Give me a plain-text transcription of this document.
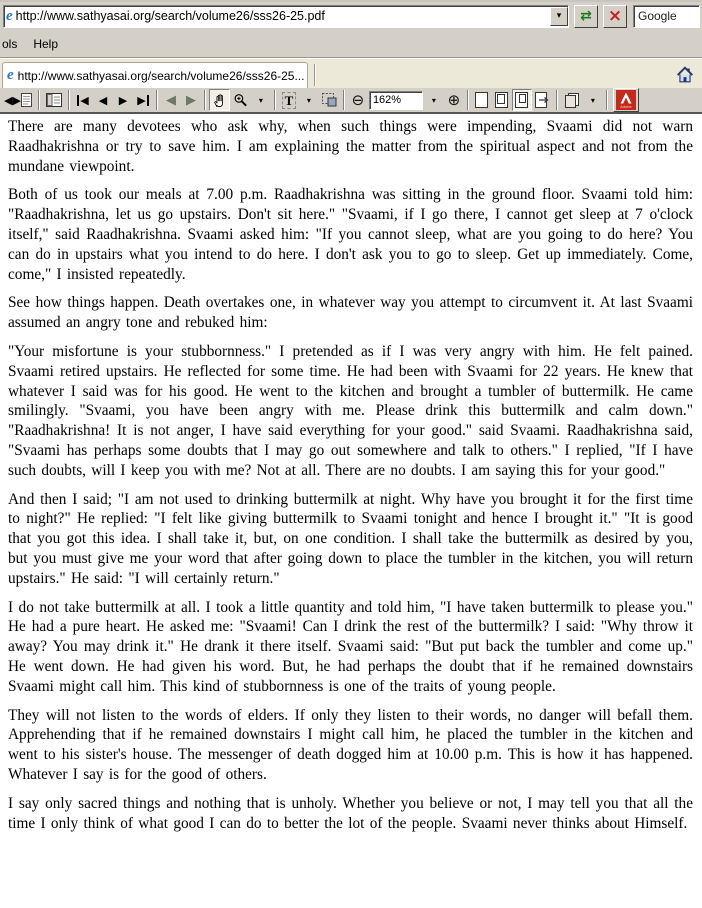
e http://www.sathyasai.org/search/volume26/sss26-25.pdf	▾ ⇄ × Google
ols	Help
e http://www.sathyasai.org/search/volume26/sss26-25...
◀ ▶	◀ ◀ ▶ ▶ ◀ ▶	▾ T ▾	⊖ 162%	▾ ⊕	▾
Adobe

There are many devotees who ask why, when such things were impending, Svaami did not warn Raadhakrishna or try to save him. I am explaining the matter from the spiritual aspect and not from the mundane viewpoint.

Both of us took our meals at 7.00 p.m. Raadhakrishna was sitting in the ground floor. Svaami told him: "Raadhakrishna, let us go upstairs. Don't sit here." "Svaami, if I go there, I cannot get sleep at 7 o'clock itself," said Raadhakrishna. Svaami asked him: "If you cannot sleep, what are you going to do here? You can do in upstairs what you intend to do here. I don't ask you to go to sleep. Get up immediately. Come, come," I insisted repeatedly.

See how things happen. Death overtakes one, in whatever way you attempt to circumvent it. At last Svaami assumed an angry tone and rebuked him:

"Your misfortune is your stubbornness." I pretended as if I was very angry with him. He felt pained. Svaami retired upstairs. He reflected for some time. He had been with Svaami for 22 years. He knew that whatever I said was for his good. He went to the kitchen and brought a tumbler of buttermilk. He came smilingly. "Svaami, you have been angry with me. Please drink this buttermilk and calm down." "Raadhakrishna! It is not anger, I have said everything for your good." said Svaami. Raadhakrishna said, "Svaami has perhaps some doubts that I may go out somewhere and talk to others." I replied, "If I have such doubts, will I keep you with me? Not at all. There are no doubts. I am saying this for your good."

And then I said; "I am not used to drinking buttermilk at night. Why have you brought it for the first time to night?" He replied: "I felt like giving buttermilk to Svaami tonight and hence I brought it." "It is good that you got this idea. I shall take it, but, on one condition. I shall take the buttermilk as desired by you, but you must give me your word that after going down to place the tumbler in the kitchen, you will return upstairs." He said: "I will certainly return."

I do not take buttermilk at all. I took a little quantity and told him, "I have taken buttermilk to please you." He had a pure heart. He asked me: "Svaami! Can I drink the rest of the buttermilk? I said: "Why throw it away? You may drink it." He drank it there itself. Svaami said: "But put back the tumbler and come up." He went down. He had given his word. But, he had perhaps the doubt that if he remained downstairs Svaami might call him. This kind of stubbornness is one of the traits of young people.

They will not listen to the words of elders. If only they listen to their words, no danger will befall them. Apprehending that if he remained downstairs I might call him, he placed the tumbler in the kitchen and went to his sister's house. The messenger of death dogged him at 10.00 p.m. This is how it has happened. Whatever I say is for the good of others.

I say only sacred things and nothing that is unholy. Whether you believe or not, I may tell you that all the time I only think of what good I can do to better the lot of the people. Svaami never thinks about Himself.
